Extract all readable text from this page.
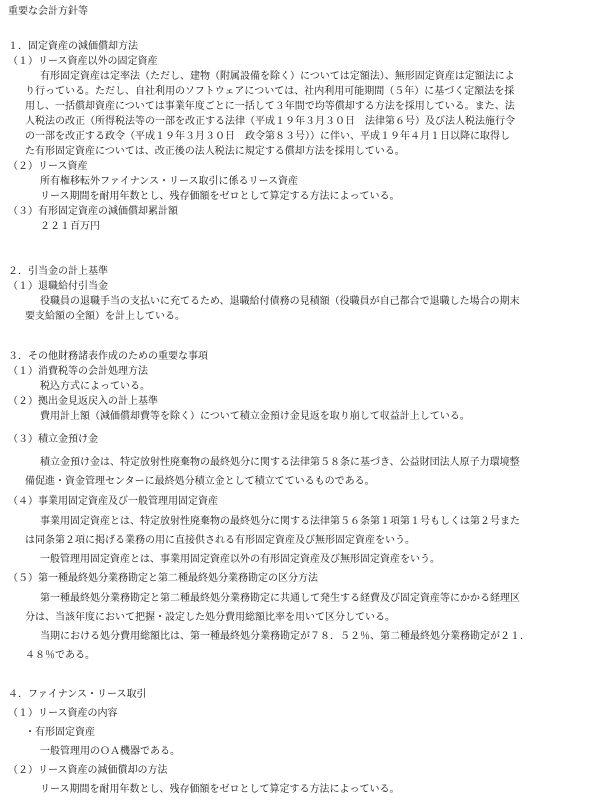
重要な会計方針等
１．固定資産の減価償却方法
（１）リース資産以外の固定資産
有形固定資産は定率法（ただし、建物（附属設備を除く）については定額法）、無形固定資産は定額法によ
り行っている。ただし、自社利用のソフトウェアについては、社内利用可能期間（５年）に基づく定額法を採
用し、一括償却資産については事業年度ごとに一括して３年間で均等償却する方法を採用している。また、法
人税法の改正（所得税法等の一部を改正する法律（平成１９年３月３０日　法律第６号）及び法人税法施行令
の一部を改正する政令（平成１９年３月３０日　政令第８３号））に伴い、平成１９年４月１日以降に取得し
た有形固定資産については、改正後の法人税法に規定する償却方法を採用している。
（２）リース資産
所有権移転外ファイナンス・リース取引に係るリース資産
リース期間を耐用年数とし、残存価額をゼロとして算定する方法によっている。
（３）有形固定資産の減価償却累計額
２２１百万円
２．引当金の計上基準
（１）退職給付引当金
役職員の退職手当の支払いに充てるため、退職給付債務の見積額（役職員が自己都合で退職した場合の期末
要支給額の全額）を計上している。
３．その他財務諸表作成のための重要な事項
（１）消費税等の会計処理方法
税込方式によっている。
（２）拠出金見返戻入の計上基準
費用計上額（減価償却費等を除く）について積立金預け金見返を取り崩して収益計上している。
（３）積立金預け金
積立金預け金は、特定放射性廃棄物の最終処分に関する法律第５８条に基づき、公益財団法人原子力環境整
備促進・資金管理センターに最終処分積立金として積立てているものである。
（４）事業用固定資産及び一般管理用固定資産
事業用固定資産とは、特定放射性廃棄物の最終処分に関する法律第５６条第１項第１号もしくは第２号また
は同条第２項に掲げる業務の用に直接供される有形固定資産及び無形固定資産をいう。
一般管理用固定資産とは、事業用固定資産以外の有形固定資産及び無形固定資産をいう。
（５）第一種最終処分業務勘定と第二種最終処分業務勘定の区分方法
第一種最終処分業務勘定と第二種最終処分業務勘定に共通して発生する経費及び固定資産等にかかる経理区
分は、当該年度において把握・設定した処分費用総額比率を用いて区分している。
当期における処分費用総額比は、第一種最終処分業務勘定が７８．５２％、第二種最終処分業務勘定が２１．
４８％である。
４．ファイナンス・リース取引
（１）リース資産の内容
・有形固定資産
一般管理用のＯＡ機器である。
（２）リース資産の減価償却の方法
リース期間を耐用年数とし、残存価額をゼロとして算定する方法によっている。
